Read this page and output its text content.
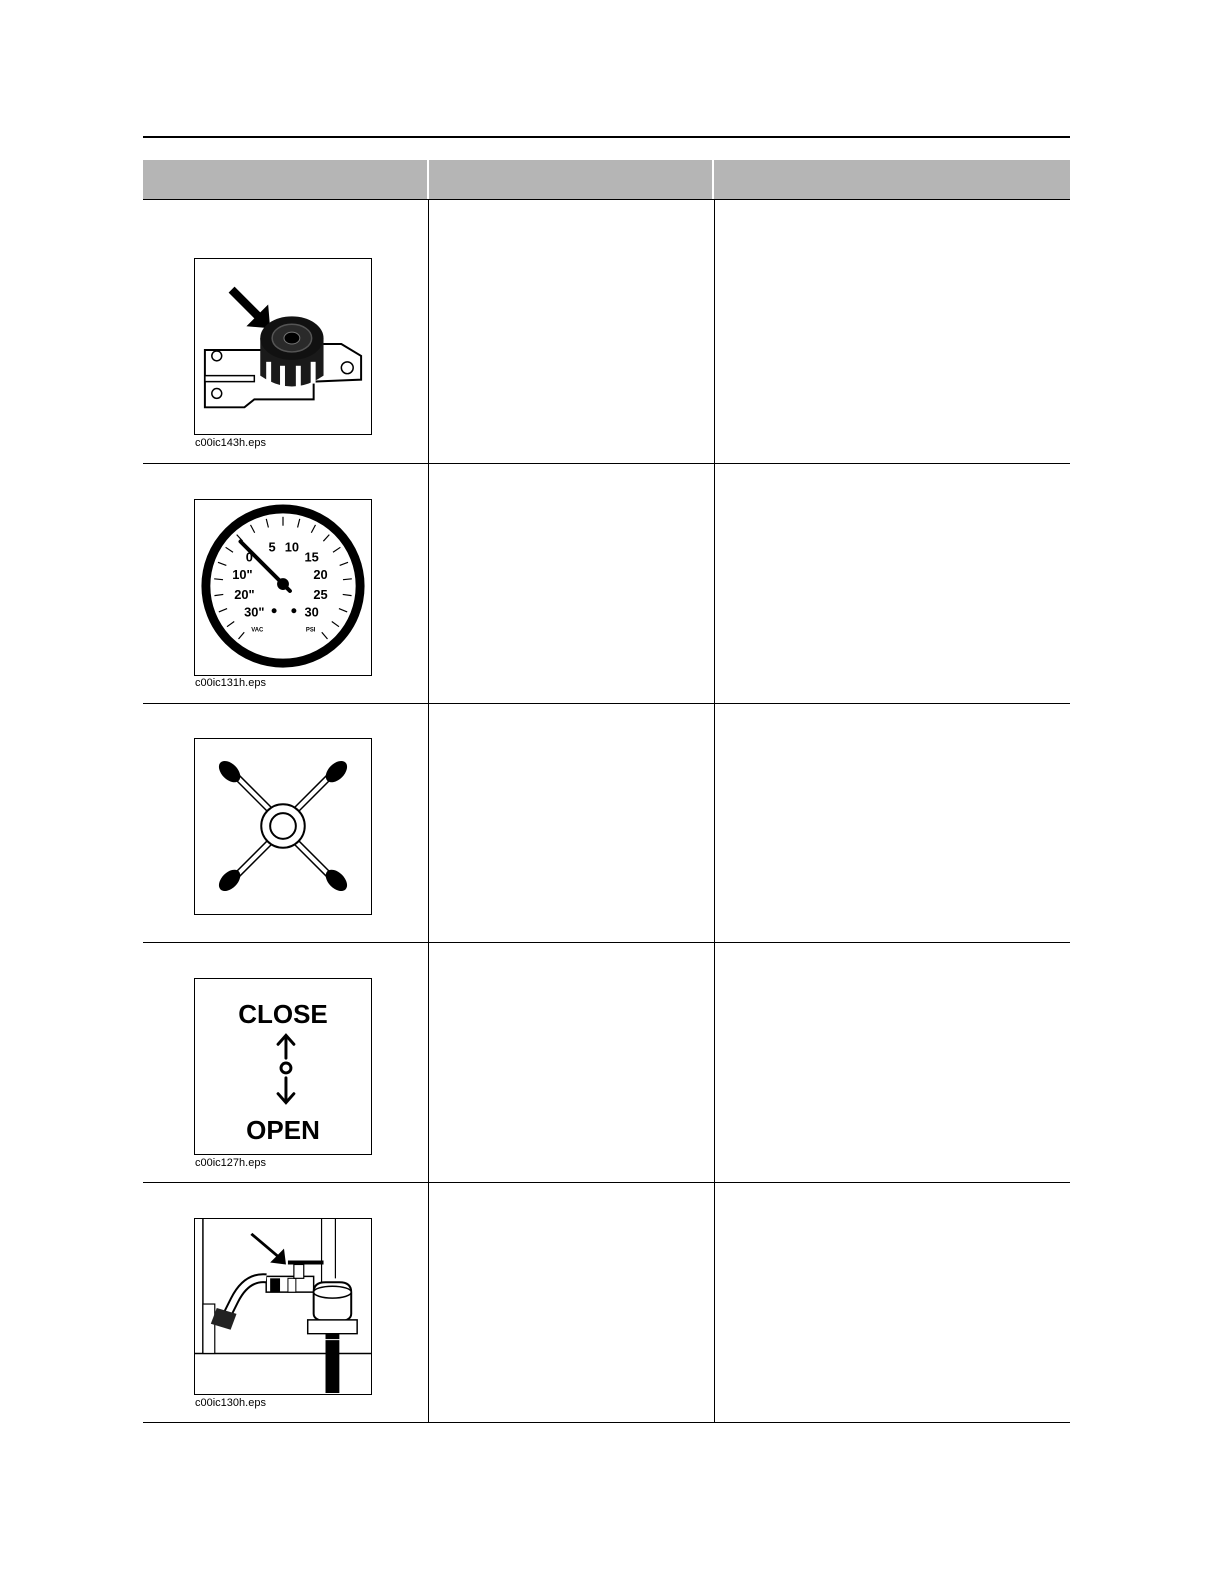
c00ic143h.eps
0
10"
20"
30"
5 10
15
20
25
30
VAC	PSI
c00ic131h.eps
CLOSE
OPEN
c00ic127h.eps
c00ic130h.eps
